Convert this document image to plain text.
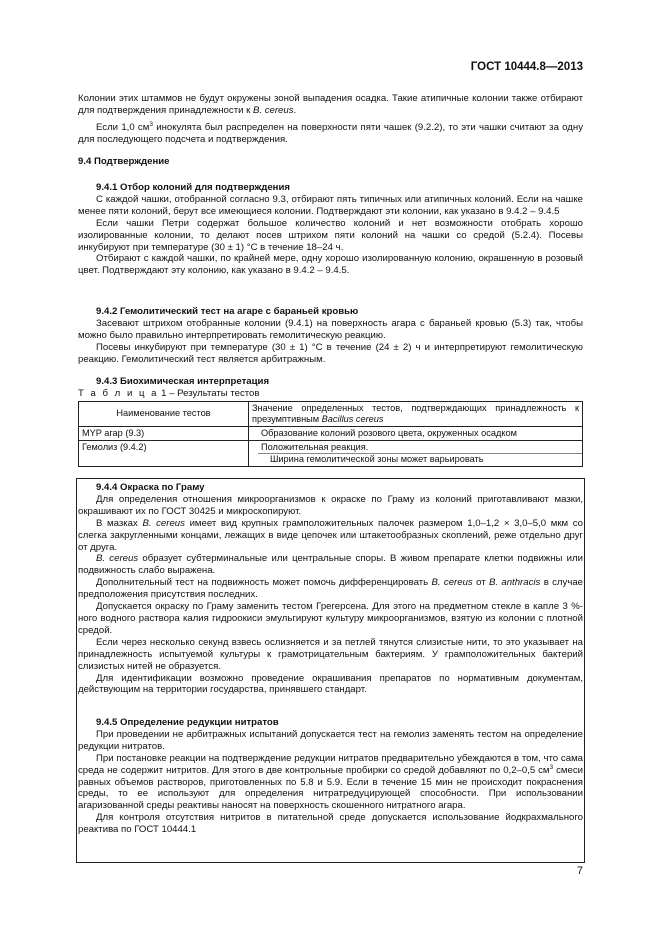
ГОСТ 10444.8—2013

Колонии этих штаммов не будут окружены зоной выпадения осадка. Такие атипичные колонии также отбирают для подтверждения принадлежности к B. cereus.

Если 1,0 $см^3$ инокулята был распределен на поверхности пяти чашек (9.2.2), то эти чашки считают за одну для последующего подсчета и подтверждения.

9.4 Подтверждение

9.4.1 Отбор колоний для подтверждения

С каждой чашки, отобранной согласно 9.3, отбирают пять типичных или атипичных колоний. Если на чашке менее пяти колоний, берут все имеющиеся колонии. Подтверждают эти колонии, как указано в 9.4.2 – 9.4.5

Если чашки Петри содержат большое количество колоний и нет возможности отобрать хорошо изолированные колонии, то делают посев штрихом пяти колоний на чашки со средой (5.2.4). Посевы инкубируют при температуре (30 ± 1) °С в течение 18–24 ч.

Отбирают с каждой чашки, по крайней мере, одну хорошо изолированную колонию, окрашенную в розовый цвет. Подтверждают эту колонию, как указано в 9.4.2 – 9.4.5.

9.4.2 Гемолитический тест на агаре с бараньей кровью

Засевают штрихом отобранные колонии (9.4.1) на поверхность агара с бараньей кровью (5.3) так, чтобы можно было правильно интерпретировать гемолитическую реакцию.

Посевы инкубируют при температуре (30 ± 1) °С в течение (24 ± 2) ч и интерпретируют гемолитическую реакцию. Гемолитический тест является арбитражным.

9.4.3 Биохимическая интерпретация

Т а б л и ц а 1 – Результаты тестов
Наименование тестов	Значение определенных тестов, подтверждающих принадлежность к презумптивным Bacillus cereus
MYP агар (9.3)	Образование колоний розового цвета, окруженных осадком
Гемолиз (9.4.2)	Положительная реакция.
Ширина гемолитической зоны может варьировать

9.4.4 Окраска по Граму

Для определения отношения микроорганизмов к окраске по Граму из колоний приготавливают мазки, окрашивают их по ГОСТ 30425 и микроскопируют.

В мазках B. cereus имеет вид крупных грамположительных палочек размером 1,0–1,2 × 3,0–5,0 мкм со слегка закругленными концами, лежащих в виде цепочек или штакетообразных скоплений, реже отдельно друг от друга.

B. cereus образует субтерминальные или центральные споры. В живом препарате клетки подвижны или подвижность слабо выражена.

Дополнительный тест на подвижность может помочь дифференцировать B. cereus от B. anthracis в случае предположения присутствия последних.

Допускается окраску по Граму заменить тестом Грегерсена. Для этого на предметном стекле в капле 3 %-ного водного раствора калия гидроокиси эмульгируют культуру микроорганизмов, взятую из колонии с плотной средой.

Если через несколько секунд взвесь ослизняется и за петлей тянутся слизистые нити, то это указывает на принадлежность испытуемой культуры к грамотрицательным бактериям. У грамположительных бактерий слизистых нитей не образуется.

Для идентификации возможно проведение окрашивания препаратов по нормативным документам, действующим на территории государства, принявшего стандарт.

9.4.5 Определение редукции нитратов

При проведении не арбитражных испытаний допускается тест на гемолиз заменять тестом на определение редукции нитратов.

При постановке реакции на подтверждение редукции нитратов предварительно убеждаются в том, что сама среда не содержит нитритов. Для этого в две контрольные пробирки со средой добавляют по 0,2–0,5 $см^3$ смеси равных объемов растворов, приготовленных по 5.8 и 5.9. Если в течение 15 мин не происходит покраснения среды, то ее используют для определения нитратредуцирующей способности. При использовании агаризованной среды реактивы наносят на поверхность скошенного нитратного агара.

Для контроля отсутствия нитритов в питательной среде допускается использование йодкрахмального реактива по ГОСТ 10444.1

7
